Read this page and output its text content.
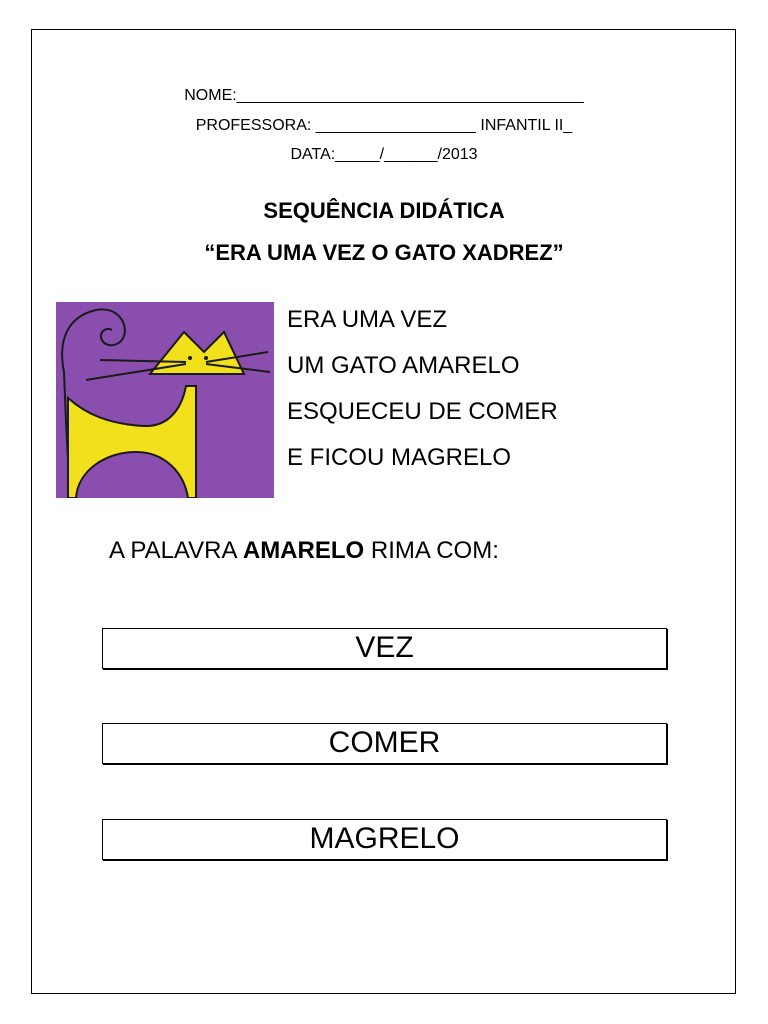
NOME:_______________________________________
PROFESSORA: __________________ INFANTIL II_
DATA:_____/______/2013
SEQUÊNCIA DIDÁTICA
“ERA UMA VEZ O GATO XADREZ”
ERA UMA VEZ
UM GATO AMARELO
ESQUECEU DE COMER
E FICOU MAGRELO
A PALAVRA AMARELO RIMA COM:
VEZ
COMER
MAGRELO
